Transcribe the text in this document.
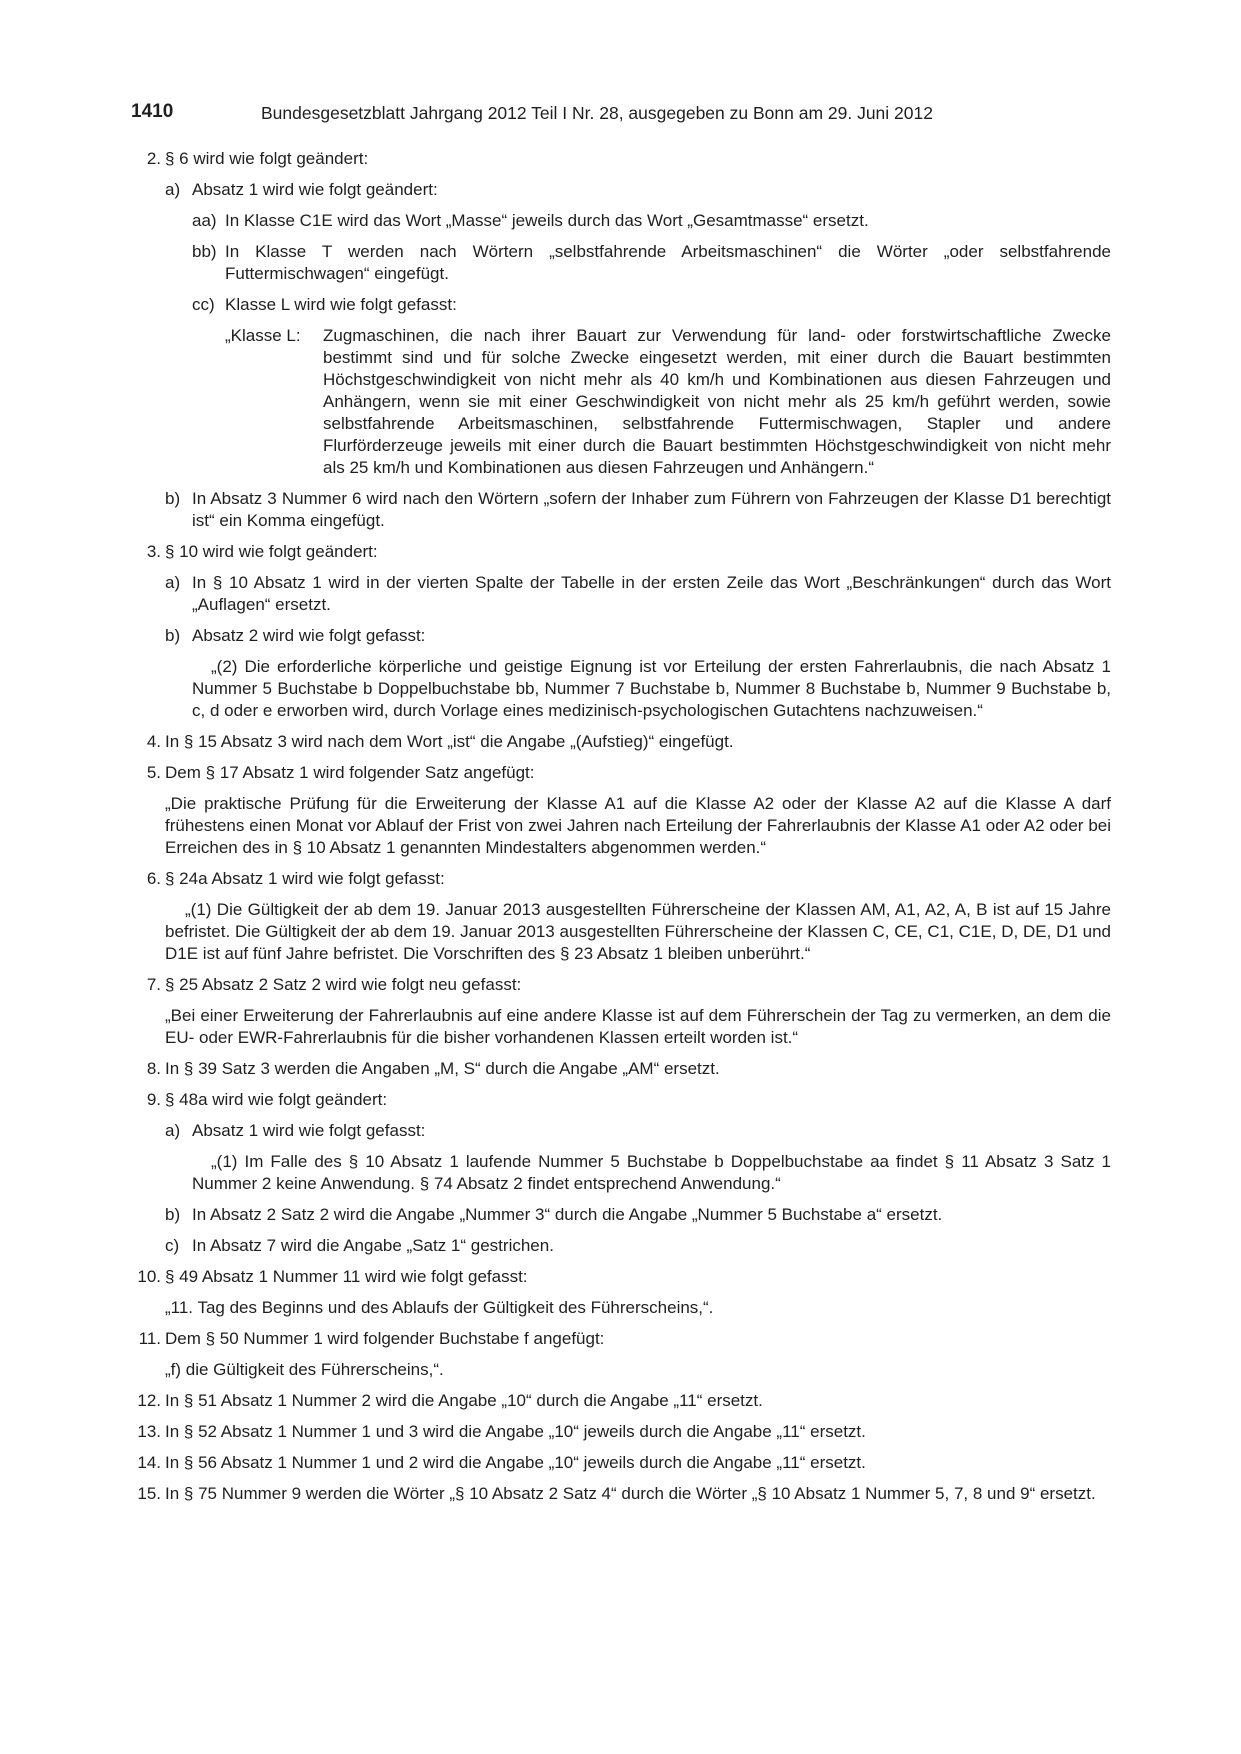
1410	Bundesgesetzblatt Jahrgang 2012 Teil I Nr. 28, ausgegeben zu Bonn am 29. Juni 2012
2. § 6 wird wie folgt geändert:

a) Absatz 1 wird wie folgt geändert:

aa) In Klasse C1E wird das Wort „Masse“ jeweils durch das Wort „Gesamtmasse“ ersetzt.

bb) In Klasse T werden nach Wörtern „selbstfahrende Arbeitsmaschinen“ die Wörter „oder selbstfahrende Futtermischwagen“ eingefügt.

cc) Klasse L wird wie folgt gefasst:

„Klasse L: Zugmaschinen, die nach ihrer Bauart zur Verwendung für land- oder forstwirtschaftliche Zwecke bestimmt sind und für solche Zwecke eingesetzt werden, mit einer durch die Bauart bestimmten Höchstgeschwindigkeit von nicht mehr als 40 km/h und Kombinationen aus diesen Fahrzeugen und Anhängern, wenn sie mit einer Geschwindigkeit von nicht mehr als 25 km/h geführt werden, sowie selbstfahrende Arbeitsmaschinen, selbstfahrende Futtermischwagen, Stapler und andere Flurförderzeuge jeweils mit einer durch die Bauart bestimmten Höchstgeschwindigkeit von nicht mehr als 25 km/h und Kombinationen aus diesen Fahrzeugen und Anhängern.“

b) In Absatz 3 Nummer 6 wird nach den Wörtern „sofern der Inhaber zum Führern von Fahrzeugen der Klasse D1 berechtigt ist“ ein Komma eingefügt.

3. § 10 wird wie folgt geändert:

a) In § 10 Absatz 1 wird in der vierten Spalte der Tabelle in der ersten Zeile das Wort „Beschränkungen“ durch das Wort „Auflagen“ ersetzt.

b) Absatz 2 wird wie folgt gefasst:

„(2) Die erforderliche körperliche und geistige Eignung ist vor Erteilung der ersten Fahrerlaubnis, die nach Absatz 1 Nummer 5 Buchstabe b Doppelbuchstabe bb, Nummer 7 Buchstabe b, Nummer 8 Buchstabe b, Nummer 9 Buchstabe b, c, d oder e erworben wird, durch Vorlage eines medizinisch-psychologischen Gutachtens nachzuweisen.“

4. In § 15 Absatz 3 wird nach dem Wort „ist“ die Angabe „(Aufstieg)“ eingefügt.

5. Dem § 17 Absatz 1 wird folgender Satz angefügt:

„Die praktische Prüfung für die Erweiterung der Klasse A1 auf die Klasse A2 oder der Klasse A2 auf die Klasse A darf frühestens einen Monat vor Ablauf der Frist von zwei Jahren nach Erteilung der Fahrerlaubnis der Klasse A1 oder A2 oder bei Erreichen des in § 10 Absatz 1 genannten Mindestalters abgenommen werden.“

6. § 24a Absatz 1 wird wie folgt gefasst:

„(1) Die Gültigkeit der ab dem 19. Januar 2013 ausgestellten Führerscheine der Klassen AM, A1, A2, A, B ist auf 15 Jahre befristet. Die Gültigkeit der ab dem 19. Januar 2013 ausgestellten Führerscheine der Klassen C, CE, C1, C1E, D, DE, D1 und D1E ist auf fünf Jahre befristet. Die Vorschriften des § 23 Absatz 1 bleiben unberührt.“

7. § 25 Absatz 2 Satz 2 wird wie folgt neu gefasst:

„Bei einer Erweiterung der Fahrerlaubnis auf eine andere Klasse ist auf dem Führerschein der Tag zu vermerken, an dem die EU- oder EWR-Fahrerlaubnis für die bisher vorhandenen Klassen erteilt worden ist.“

8. In § 39 Satz 3 werden die Angaben „M, S“ durch die Angabe „AM“ ersetzt.

9. § 48a wird wie folgt geändert:

a) Absatz 1 wird wie folgt gefasst:

„(1) Im Falle des § 10 Absatz 1 laufende Nummer 5 Buchstabe b Doppelbuchstabe aa findet § 11 Absatz 3 Satz 1 Nummer 2 keine Anwendung. § 74 Absatz 2 findet entsprechend Anwendung.“

b) In Absatz 2 Satz 2 wird die Angabe „Nummer 3“ durch die Angabe „Nummer 5 Buchstabe a“ ersetzt.

c) In Absatz 7 wird die Angabe „Satz 1“ gestrichen.

10. § 49 Absatz 1 Nummer 11 wird wie folgt gefasst:

„11. Tag des Beginns und des Ablaufs der Gültigkeit des Führerscheins,“.

11. Dem § 50 Nummer 1 wird folgender Buchstabe f angefügt:

„f) die Gültigkeit des Führerscheins,“.

12. In § 51 Absatz 1 Nummer 2 wird die Angabe „10“ durch die Angabe „11“ ersetzt.

13. In § 52 Absatz 1 Nummer 1 und 3 wird die Angabe „10“ jeweils durch die Angabe „11“ ersetzt.

14. In § 56 Absatz 1 Nummer 1 und 2 wird die Angabe „10“ jeweils durch die Angabe „11“ ersetzt.

15. In § 75 Nummer 9 werden die Wörter „§ 10 Absatz 2 Satz 4“ durch die Wörter „§ 10 Absatz 1 Nummer 5, 7, 8 und 9“ ersetzt.
